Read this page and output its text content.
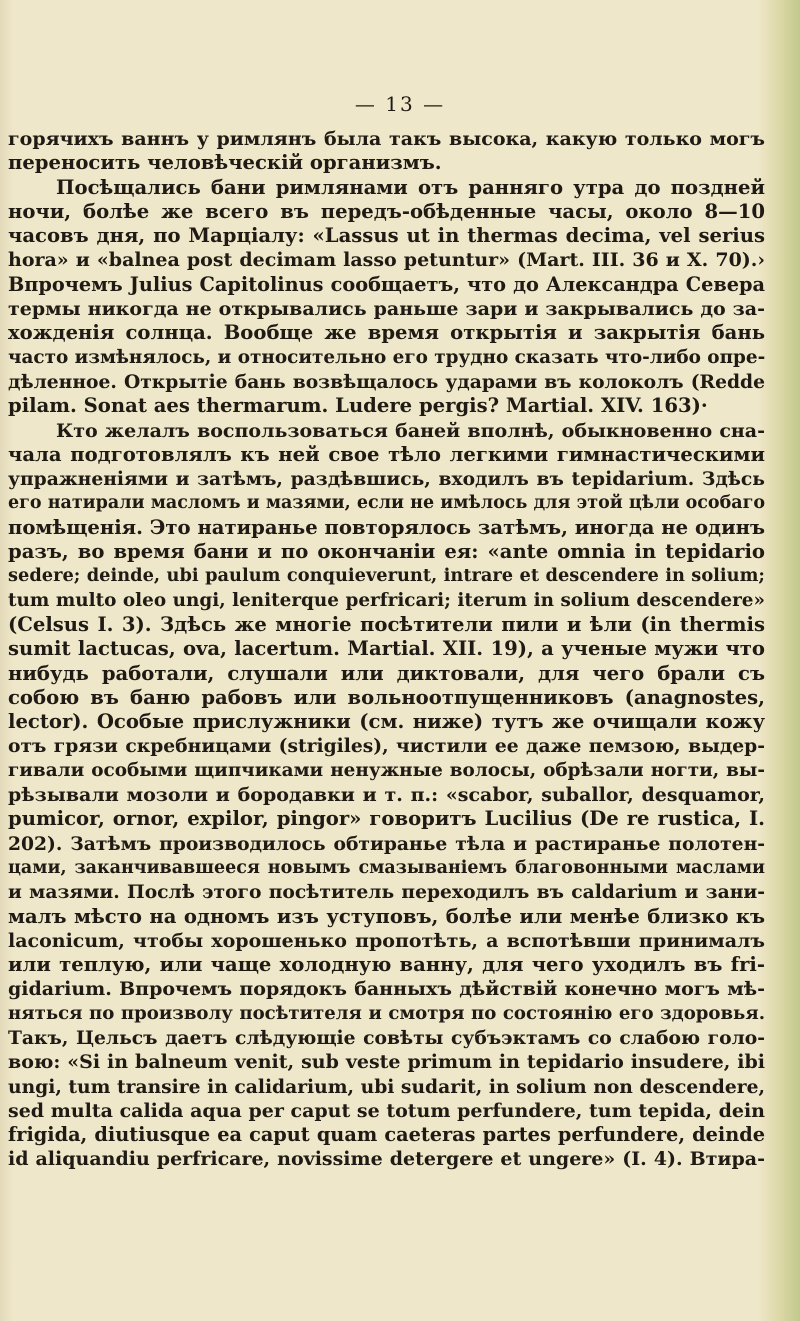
— 13 —
горячихъ ваннъ у римлянъ была такъ высока, какую только могъ
переносить человѣческій организмъ.
Посѣщались бани римлянами отъ ранняго утра до поздней
ночи, болѣе же всего въ передъ-обѣденные часы, около 8—10
часовъ дня, по Марціалу: «Lassus ut in thermas decima, vel serius
hora» и «balnea post decimam lasso petuntur» (Mart. III. 36 и X. 70).›
Впрочемъ Julius Capitolinus сообщаетъ, что до Александра Севера
термы никогда не открывались раньше зари и закрывались до за-
хожденія солнца. Вообще же время открытія и закрытія бань
часто измѣнялось, и относительно его трудно сказать что-либо опре-
дѣленное. Открытіе бань возвѣщалось ударами въ колоколъ (Redde
pilam. Sonat aes thermarum. Ludere pergis? Martial. XIV. 163)·
Кто желалъ воспользоваться баней вполнѣ, обыкновенно сна-
чала подготовлялъ къ ней свое тѣло легкими гимнастическими
упражненіями и затѣмъ, раздѣвшись, входилъ въ tepidarium. Здѣсь
его натирали масломъ и мазями, если не имѣлось для этой цѣли особаго
помѣщенія. Это натиранье повторялось затѣмъ, иногда не одинъ
разъ, во время бани и по окончаніи ея: «ante omnia in tepidario
sedere; deinde, ubi paulum conquieverunt, intrare et descendere in solium;
tum multo oleo ungi, leniterque perfricari; iterum in solium descendere»
(Celsus I. 3). Здѣсь же многіе посѣтители пили и ѣли (in thermis
sumit lactucas, ova, lacertum. Martial. XII. 19), а ученые мужи что
нибудь работали, слушали или диктовали, для чего брали съ
собою въ баню рабовъ или вольноотпущенниковъ (anagnostes,
lector). Особые прислужники (см. ниже) тутъ же очищали кожу
отъ грязи скребницами (strigiles), чистили ее даже пемзою, выдер-
гивали особыми щипчиками ненужные волосы, обрѣзали ногти, вы-
рѣзывали мозоли и бородавки и т. п.: «scabor, suballor, desquamor,
pumicor, ornor, expilor, pingor» говоритъ Lucilius (De re rustica, I.
202). Затѣмъ производилось обтиранье тѣла и растиранье полотен-
цами, заканчивавшееся новымъ смазываніемъ благовонными маслами
и мазями. Послѣ этого посѣтитель переходилъ въ caldarium и зани-
малъ мѣсто на одномъ изъ уступовъ, болѣе или менѣе близко къ
laconicum, чтобы хорошенько пропотѣть, а вспотѣвши принималъ
или теплую, или чаще холодную ванну, для чего уходилъ въ fri-
gidarium. Впрочемъ порядокъ банныхъ дѣйствій конечно могъ мѣ-
няться по произволу посѣтителя и смотря по состоянію его здоровья.
Такъ, Цельсъ даетъ слѣдующіе совѣты субъэктамъ со слабою голо-
вою: «Si in balneum venit, sub veste primum in tepidario insudere, ibi
ungi, tum transire in calidarium, ubi sudarit, in solium non descendere,
sed multa calida aqua per caput se totum perfundere, tum tepida, dein
frigida, diutiusque ea caput quam caeteras partes perfundere, deinde
id aliquandiu perfricare, novissime detergere et ungere» (I. 4). Втира-
